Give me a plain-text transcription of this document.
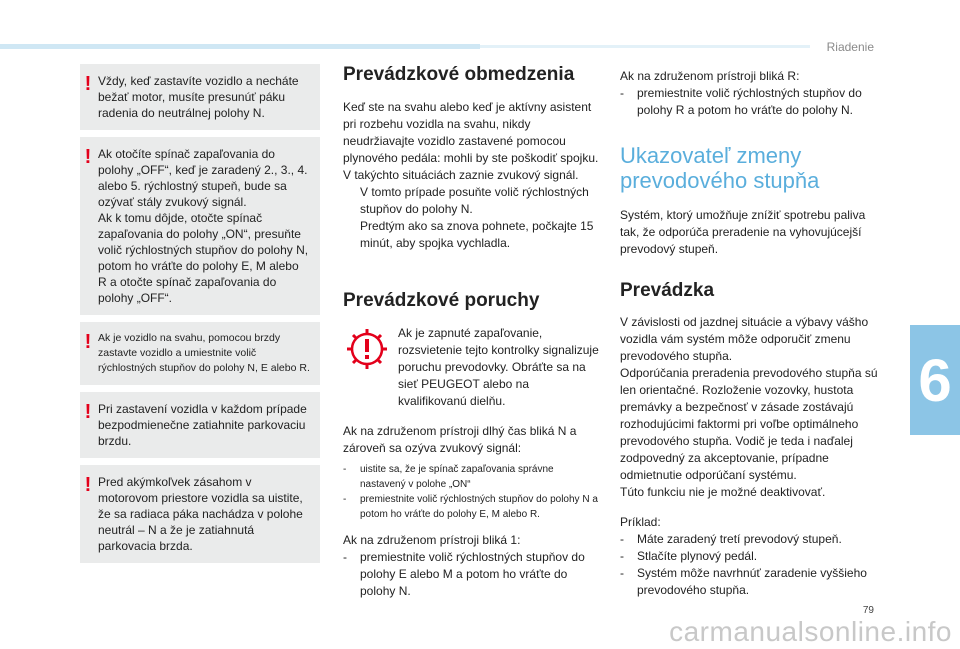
Riadenie
6
79
carmanualsonline.info
! Vždy, keď zastavíte vozidlo a necháte bežať motor, musíte presunúť páku radenia do neutrálnej polohy N.

! Ak otočíte spínač zapaľovania do polohy „OFF“, keď je zaradený 2., 3., 4. alebo 5. rýchlostný stupeň, bude sa ozývať stály zvukový signál.

Ak k tomu dôjde, otočte spínač zapaľovania do polohy „ON“, presuňte volič rýchlostných stupňov do polohy N, potom ho vráťte do polohy E, M alebo R a otočte spínač zapaľovania do polohy „OFF“.

! Ak je vozidlo na svahu, pomocou brzdy zastavte vozidlo a umiestnite volič rýchlostných stupňov do polohy N, E alebo R.

! Pri zastavení vozidla v každom prípade bezpodmienečne zatiahnite parkovaciu brzdu.

! Pred akýmkoľvek zásahom v motorovom priestore vozidla sa uistite, že sa radiaca páka nachádza v polohe neutrál – N a že je zatiahnutá parkovacia brzda.

Prevádzkové obmedzenia

Keď ste na svahu alebo keď je aktívny asistent pri rozbehu vozidla na svahu, nikdy neudržiavajte vozidlo zastavené pomocou plynového pedála: mohli by ste poškodiť spojku.

V takýchto situáciách zaznie zvukový signál.

V tomto prípade posuňte volič rýchlostných stupňov do polohy N.
Predtým ako sa znova pohnete, počkajte 15 minút, aby spojka vychladla.
Prevádzkové poruchy

Ak je zapnuté zapaľovanie, rozsvietenie tejto kontrolky signalizuje poruchu prevodovky. Obráťte sa na sieť PEUGEOT alebo na kvalifikovanú dielňu.

Ak na združenom prístroji dlhý čas bliká N a zároveň sa ozýva zvukový signál:

- uistite sa, že je spínač zapaľovania správne nastavený v polohe „ON“
- premiestnite volič rýchlostných stupňov do polohy N a potom ho vráťte do polohy E, M alebo R.

Ak na združenom prístroji bliká 1:

- premiestnite volič rýchlostných stupňov do polohy E alebo M a potom ho vráťte do polohy N.

Ak na združenom prístroji bliká R:

- premiestnite volič rýchlostných stupňov do polohy R a potom ho vráťte do polohy N.
Ukazovateľ zmeny prevodového stupňa

Systém, ktorý umožňuje znížiť spotrebu paliva tak, že odporúča preradenie na vyhovujúcejší prevodový stupeň.

Prevádzka

V závislosti od jazdnej situácie a výbavy vášho vozidla vám systém môže odporučiť zmenu prevodového stupňa.

Odporúčania preradenia prevodového stupňa sú len orientačné. Rozloženie vozovky, hustota premávky a bezpečnosť v zásade zostávajú rozhodujúcimi faktormi pri voľbe optimálneho prevodového stupňa. Vodič je teda i naďalej zodpovedný za akceptovanie, prípadne odmietnutie odporúčaní systému.

Túto funkciu nie je možné deaktivovať.

Príklad:

- Máte zaradený tretí prevodový stupeň.
- Stlačíte plynový pedál.
- Systém môže navrhnúť zaradenie vyššieho prevodového stupňa.
